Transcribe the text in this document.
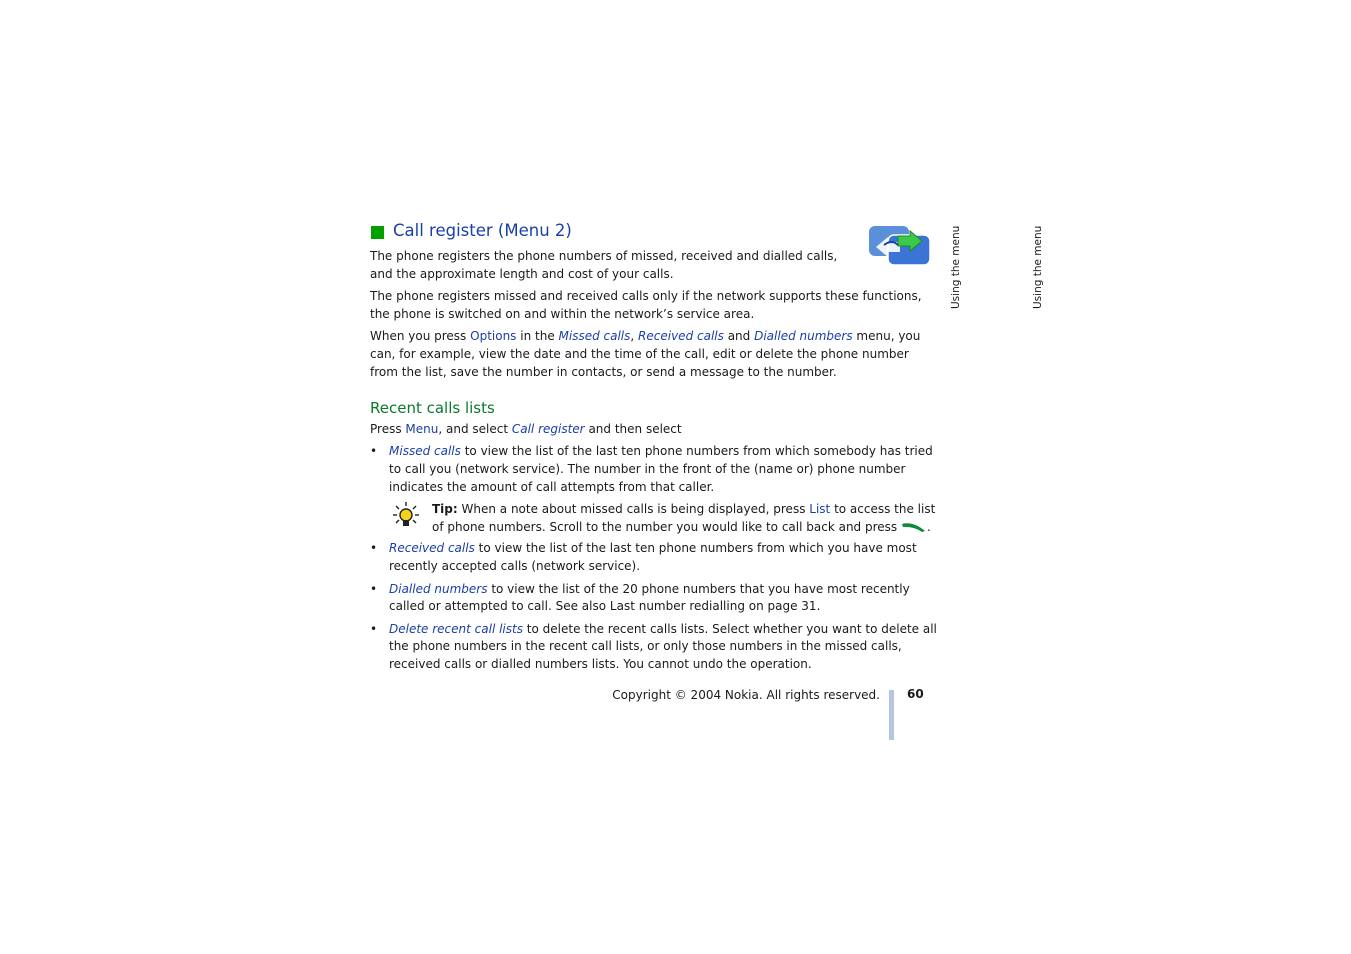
Using the menu	Using the menu
Call register (Menu 2)

The phone registers the phone numbers of missed, received and dialled calls, and the approximate length and cost of your calls.

The phone registers missed and received calls only if the network supports these functions, the phone is switched on and within the network’s service area.

When you press Options in the Missed calls, Received calls and Dialled numbers menu, you can, for example, view the date and the time of the call, edit or delete the phone number from the list, save the number in contacts, or send a message to the number.

Recent calls lists

Press Menu, and select Call register and then select

• Missed calls to view the list of the last ten phone numbers from which somebody has tried to call you (network service). The number in the front of the (name or) phone number indicates the amount of call attempts from that caller.
Tip: When a note about missed calls is being displayed, press List to access the list of phone numbers. Scroll to the number you would like to call back and press .
• Received calls to view the list of the last ten phone numbers from which you have most recently accepted calls (network service).
• Dialled numbers to view the list of the 20 phone numbers that you have most recently called or attempted to call. See also Last number redialling on page 31.
• Delete recent call lists to delete the recent calls lists. Select whether you want to delete all the phone numbers in the recent call lists, or only those numbers in the missed calls, received calls or dialled numbers lists. You cannot undo the operation.
Copyright © 2004 Nokia. All rights reserved. 60
